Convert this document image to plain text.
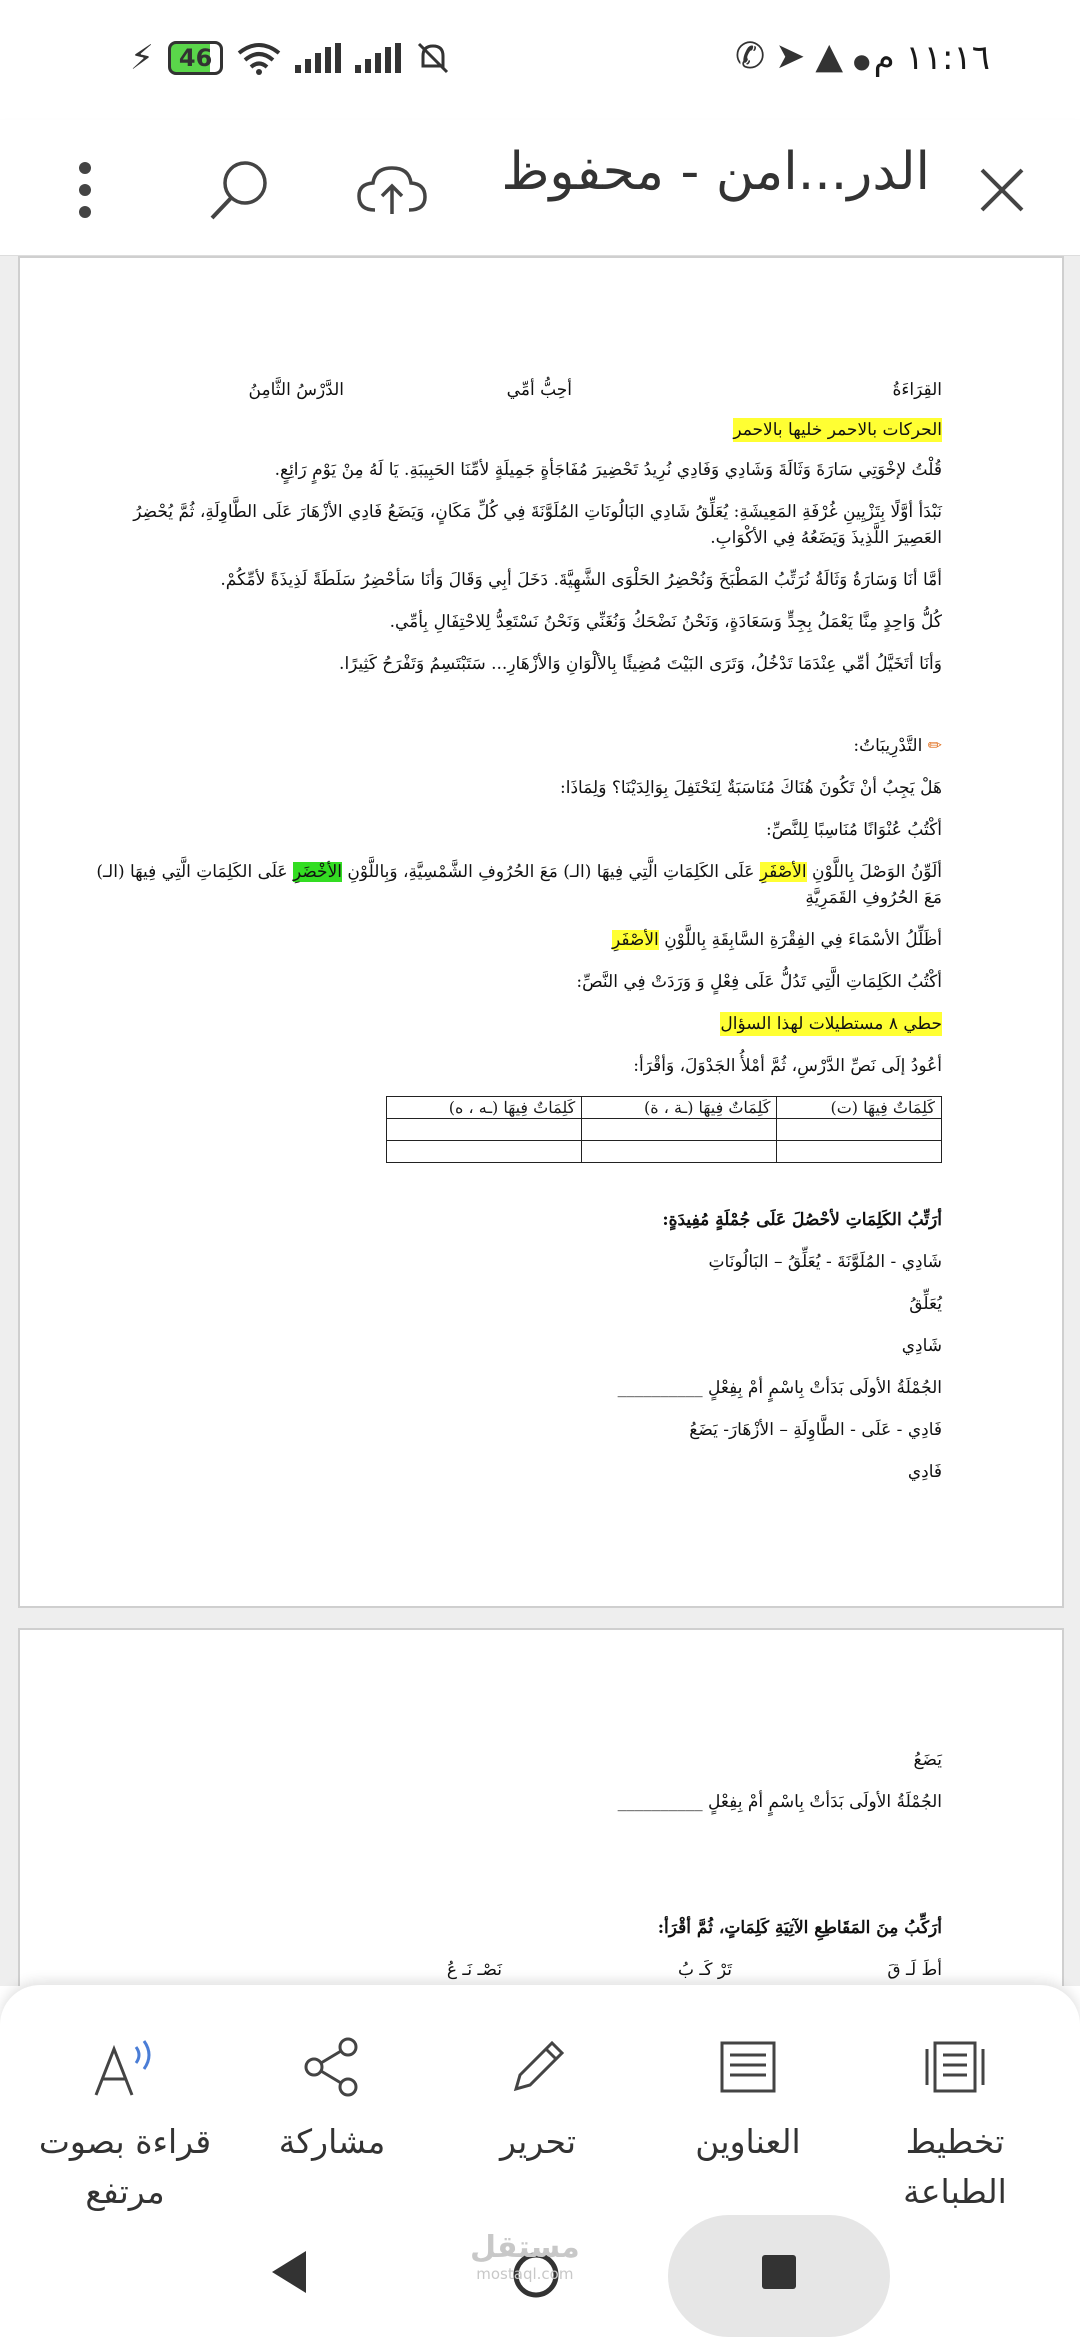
١١:١٦ م
✆➤▲●
⚡	46
الدر...امن - محفوظ
القِرَاءَةُ
أحِبُّ أمِّي
الدَّرْسُ الثَّامِنُ
الحركات بالاحمر خليها بالاحمر
قُلْتُ لإخْوَتِي سَارَةَ وَثَالَةَ وَشَادِي وَفَادِي نُرِيدُ تَحْضِيرَ مُفَاجَأةٍ جَمِيلَةٍ لأمِّنَا الحَبِيبَةِ. يَا لَهُ مِنْ يَوْمٍ رَائِعٍ.
نَبْدَأ أوَّلًا بِتَزْيِينِ غُرْفَةِ المَعِيشَةِ: يُعَلِّقُ شَادِي البَالُونَاتِ المُلَوَّنَةَ فِي كُلِّ مَكَانٍ، وَيَضَعُ فَادِي الأزْهَارَ عَلَى الطَّاوِلَةِ، ثُمَّ يُحْضِرُ
العَصِيرَ اللَّذِيذَ وَيَضَعُهُ فِي الأكْوَابِ.
أمَّا أنَا وَسَارَةُ وَثَالَةُ نُرَتِّبُ المَطْبَخَ وَنُحْضِرُ الحَلْوَى الشَّهِيَّةَ. دَخَلَ أبِي وَقَالَ وَأنَا سَأحْضِرُ سَلَطَةً لَذِيذَةً لأمِّكُمْ.
كُلُّ وَاحِدٍ مِنَّا يَعْمَلُ بِجِدٍّ وَسَعَادَةٍ، وَنَحْنُ نَضْحَكُ وَنُغَنِّي وَنَحْنُ نَسْتَعِدُّ لِلاحْتِفَالِ بِأمِّي.
وَأنَا أتَخَيَّلُ أمِّي عِنْدَمَا تَدْخُلُ، وَتَرَى البَيْتَ مُضِيئًا بِالألْوَانِ وَالأزْهَارِ... سَتَبْتَسِمُ وَتَفْرَحُ كَثِيرًا.
✏ التَّدْرِيبَاتُ:
هَلْ يَجِبُ أنْ تَكُونَ هُنَاكَ مُنَاسَبَةٌ لِنَحْتَفِلَ بِوَالِدَيْنَا؟ وَلِمَاذَا:
أكْتُبُ عُنْوَانًا مُنَاسِبًا لِلنَّصِّ:
ألَوِّنُ الوَصْلَ بِاللَّوْنِ الأصْفَرِ عَلَى الكَلِمَاتِ الَّتِي فِيهَا (الـ) مَعَ الحُرُوفِ الشَّمْسِيَّةِ، وَبِاللَّوْنِ الأخْضَرِ عَلَى الكَلِمَاتِ الَّتِي فِيهَا (الـ)
مَعَ الحُرُوفِ القَمَرِيَّةِ
أظَلِّلُ الأسْمَاءَ فِي الفِقْرَةِ السَّابِقَةِ بِاللَّوْنِ الأصْفَرِ
أكْتُبُ الكَلِمَاتِ الَّتِي تَدُلُّ عَلَى فِعْلٍ وَ وَرَدَتْ فِي النَّصِّ:
حطي ٨ مستطيلات لهذا السؤال
أعُودُ إلَى نَصِّ الدَّرْسِ، ثُمَّ أمْلأُ الجَدْوَلَ، وَأقْرَأ:
كَلِمَاتٌ فِيهَا (ت)	كَلِمَاتٌ فِيهَا (ـة ، ة)	كَلِمَاتٌ فِيهَا (ـه ، ه)

أرَتِّبُ الكَلِمَاتِ لأحْصُلَ عَلَى جُمْلَةٍ مُفِيدَةٍ:
شَادِي - المُلَوَّنَةَ - يُعَلِّقُ – البَالُونَاتِ
يُعَلِّقُ
شَادِي
الجُمْلَةُ الأولَى بَدَأتْ بِاسْمٍ أمْ بِفِعْلٍ __________
فَادِي - عَلَى - الطَّاوِلَةِ – الأزْهَارَ- يَضَعُ
فَادِي
يَضَعُ
الجُمْلَةُ الأولَى بَدَأتْ بِاسْمٍ أمْ بِفِعْلٍ __________
أرَكِّبُ مِنَ المَقَاطِعِ الآتِيَةِ كَلِمَاتٍ، ثُمَّ أقْرَأ:
أطَ لَـ قَ
تَرْ كَـ بُ
نَصْـ نَـ عُ
تخطيط الطباعة
العناوين
تحرير
مشاركة
قراءة بصوت مرتفع
مستقل
mostaql.com
